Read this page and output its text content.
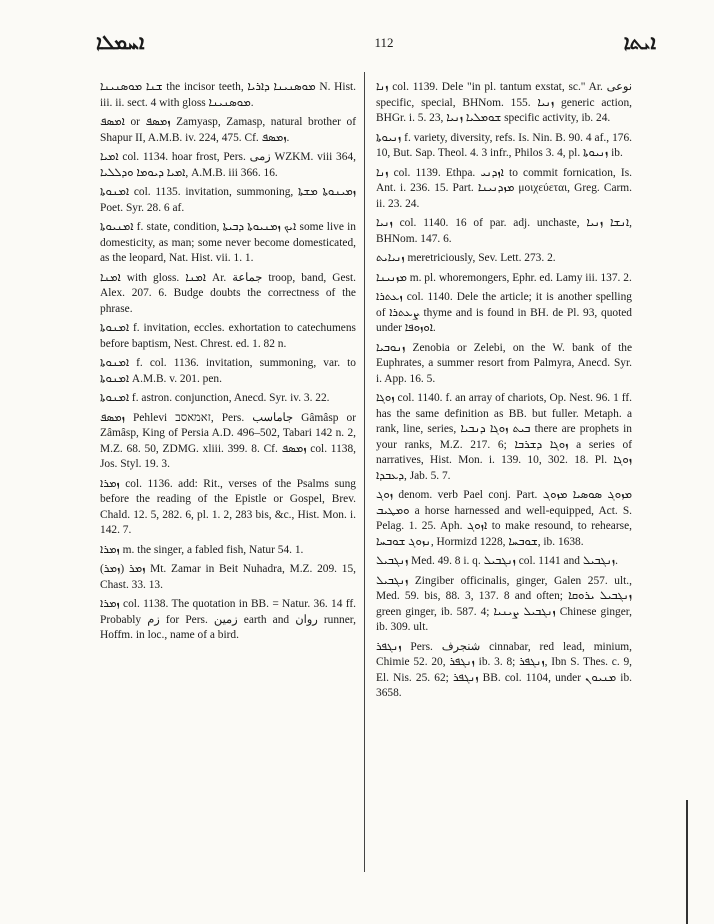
ܐܚܡܠܐ	112	ܐܝܬܐ

ܫܢܐ ܡܘܣܢܝܢܐ the incisor teeth, ܡܘܣܢܝܢܐ ܕܐܪܝܐ N. Hist. iii. ii. sect. 4 with gloss ܡܘܣܢܝܢܐ.

ܐܡܣܦ or ܙܡܣܦ Zamyasp, Zamasp, natural brother of Shapur II, A.M.B. iv. 224, 475. Cf. ܙܡܣܦ.

ܐܡܝܐ col. 1134. hoar frost, Pers. زمی WZKM. viii 364, ܐܡܝܐ ܕܝܘܡܐ ܘܕܠܠܝܐ, A.M.B. iii 366. 16.

ܐܡܢܘܬܐ col. 1135. invitation, summoning, ܙܡܝܢܘܬܐ ܡܫܬܐ Poet. Syr. 28. 6 af.

ܐܡܢܝܘܬܐ f. state, condition, ܐܝܟ ܙܡܢܝܘܬܐ ܕܒܝܬܐ some live in domesticity, as man; some never become domesticated, as the leopard, Nat. Hist. vii. 1. 1.

ܐܡܢܐ with gloss. ܐܡܢܐ Ar. جماعة troop, band, Gest. Alex. 207. 6. Budge doubts the correctness of the phrase.

ܐܡܢܘܬܐ f. invitation, eccles. exhortation to catechumens before baptism, Nest. Chrest. ed. 1. 82 n.

ܐܡܢܘܬܐ f. col. 1136. invitation, summoning, var. to ܐܡܢܘܬܐ A.M.B. v. 201. pen.

ܐܡܢܘܬܐ f. astron. conjunction, Anecd. Syr. iv. 3. 22.

ܙܡܣܦ Pehlevi זאמאסב, Pers. جاماسب Gâmâsp or Zâmâsp, King of Persia A.D. 496–502, Tabari 142 n. 2, M.Z. 68. 50, ZDMG. xliii. 399. 8. Cf. ܙܡܣܦ col. 1138, Jos. Styl. 19. 3.

ܙܡܪܐ col. 1136. add: Rit., verses of the Psalms sung before the reading of the Epistle or Gospel, Brev. Chald. 12. 5, 282. 6, pl. 1. 2, 283 bis, &c., Hist. Mon. i. 142. 7.

ܙܡܪܐ m. the singer, a fabled fish, Natur 54. 1.

ܙܡܪ (ܙܡܪ) Mt. Zamar in Beit Nuhadra, M.Z. 209. 15, Chast. 33. 13.

ܙܡܪܐ col. 1138. The quotation in BB. = Natur. 36. 14 ff. Probably زم for Pers. زمین earth and روان runner, Hoffm. in loc., name of a bird.

ܙܢܐ col. 1139. Dele "in pl. tantum exstat, sc." Ar. نوعی specific, special, BHNom. 155. ܙܢܝܐ generic action, BHGr. i. 5. 23, ܫܘܡܠܝܐ ܙܢܝܐ specific activity, ib. 24.

ܙܢܝܘܬܐ f. variety, diversity, refs. Is. Nin. B. 90. 4 af., 176. 10, But. Sap. Theol. 4. 3 infr., Philos 3. 4, pl. ܙܢܝܘܬܐ ib.

ܙܢܐ col. 1139. Ethpa. ܐܙܕܢܝ to commit fornication, Is. Ant. i. 236. 15. Part. ܡܙܕܢܝܢܐ μοιχεύεται, Greg. Carm. ii. 23. 24.

ܙܢܝܐ col. 1140. 16 of par. adj. unchaste, ܐܢܫܐ ܙܢܝܐ, BHNom. 147. 6.

ܙܢܝܐܝܬ meretriciously, Sev. Lett. 273. 2.

ܡܙܢܝܢܐ m. pl. whoremongers, Ephr. ed. Lamy iii. 137. 2.

ܙܥܬܪܐ col. 1140. Dele the article; it is another spelling of ܨܥܬܪܐ thyme and is found in BH. de Pl. 93, quoted under ܐܘܙܘܦܐ.

ܙܢܘܒܝܐ Zenobia or Zelebi, on the W. bank of the Euphrates, a summer resort from Palmyra, Anecd. Syr. i. App. 16. 5.

ܙܘܓܐ col. 1140. f. an array of chariots, Op. Nest. 96. 1 ff. has the same definition as BB. but fuller. Metaph. a rank, line, series, ܒܝܬ ܙܘܓܐ ܕܢܒܝܐ there are prophets in your ranks, M.Z. 217. 6; ܙܘܓܐ ܕܫܪܒܐ a series of narratives, Hist. Mon. i. 139. 10, 302. 18. Pl. ܙܘܓܐ ܕܥܒܕܐ, Jab. 5. 7.

ܙܘܓ denom. verb Pael conj. Part. ܡܙܘܓ ܣܘܣܝܐ ܡܙܘܓ ܘܡܛܝܒ a horse harnessed and well-equipped, Act. S. Pelag. 1. 25. Aph. ܐܙܘܓ to make resound, to rehearse, ܢܙܘܓ ܫܘܒܚܐ, Hormizd 1228, ܫܘܒܚܐ, ib. 1638.

ܙܢܓܒܝܠ Med. 49. 8 i. q. ܙܢܓܒܝܠ col. 1141 and ܙܢܓܒܝܠ.

ܙܢܓܒܝܠ Zingiber officinalis, ginger, Galen 257. ult., Med. 59. bis, 88. 3, 137. 8 and often; ܙܢܓܒܝܠ ܝܪܘܩܐ green ginger, ib. 587. 4; ܙܢܓܒܝܠ ܨܝܢܝܐ Chinese ginger, ib. 309. ult.

ܙܢܓܦܪ Pers. شنجرف cinnabar, red lead, minium, Chimie 52. 20, ܙܢܓܦܪ ib. 3. 8; ܙܢܓܦܪ, Ibn S. Thes. c. 9, El. Nis. 25. 62; ܙܢܓܦܪ BB. col. 1104, under ܡܢܝܘܢ ib. 3658.
